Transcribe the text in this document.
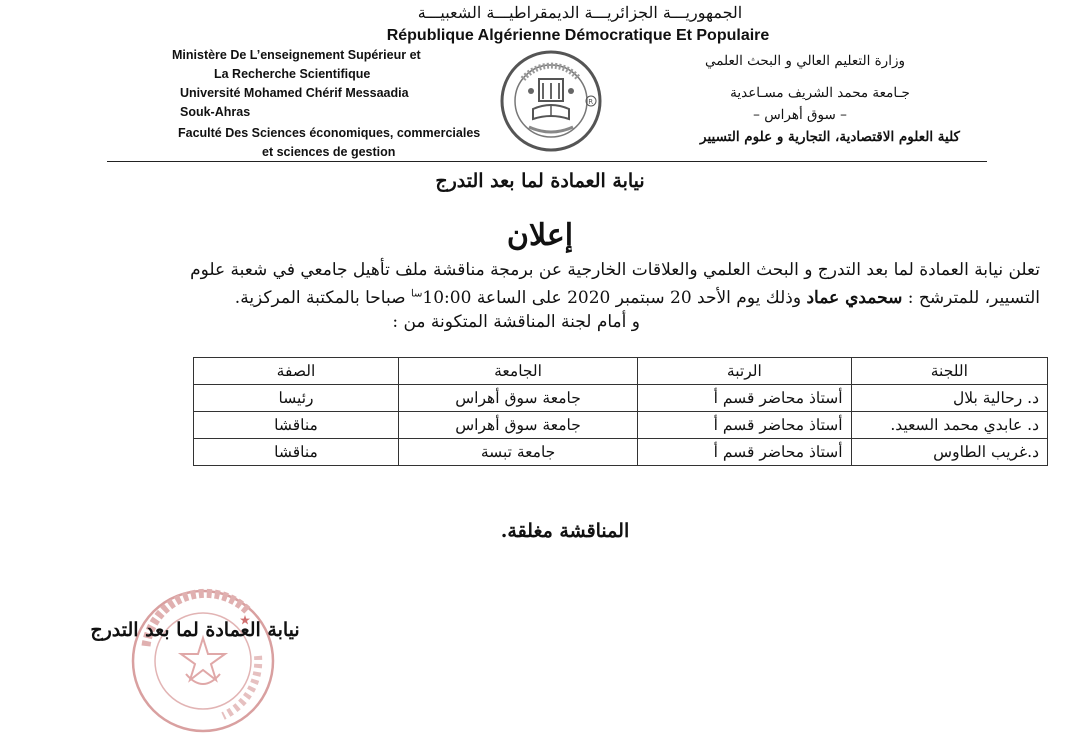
الجمهوريـــة الجزائريـــة الديمقراطيـــة الشعبيـــة
République Algérienne Démocratique Et Populaire
Ministère De L’enseignement Supérieur et
La Recherche Scientifique
Université Mohamed Chérif Messaadia
Souk-Ahras
Faculté Des Sciences économiques, commerciales
et sciences de gestion
R
وزارة التعليم العالي و البحث العلمي
جـامعة محمد الشريف مسـاعدية
– سوق أهراس –
كلية العلوم الاقتصادية، التجارية و علوم التسيير
نيابة العمادة لما بعد التدرج
إعلان
تعلن نيابة العمادة لما بعد التدرج و البحث العلمي والعلاقات الخارجية عن برمجة مناقشة ملف تأهيل جامعي في شعبة علوم
التسيير، للمترشح : سحمدي عماد وذلك يوم الأحد 20 سبتمبر 2020 على الساعة $10:00^{سا}$ صباحا بالمكتبة المركزية.
و أمام لجنة المناقشة المتكونة من :
اللجنة	الرتبة	الجامعة	الصفة
د. رحالية بلال	أستاذ محاضر قسم أ	جامعة سوق أهراس	رئيسا
د. عابدي محمد السعيد.	أستاذ محاضر قسم أ	جامعة سوق أهراس	مناقشا
د.غريب الطاوس	أستاذ محاضر قسم أ	جامعة تبسة	مناقشا
المناقشة مغلقة.
نيابة العمادة لما بعد التدرج
